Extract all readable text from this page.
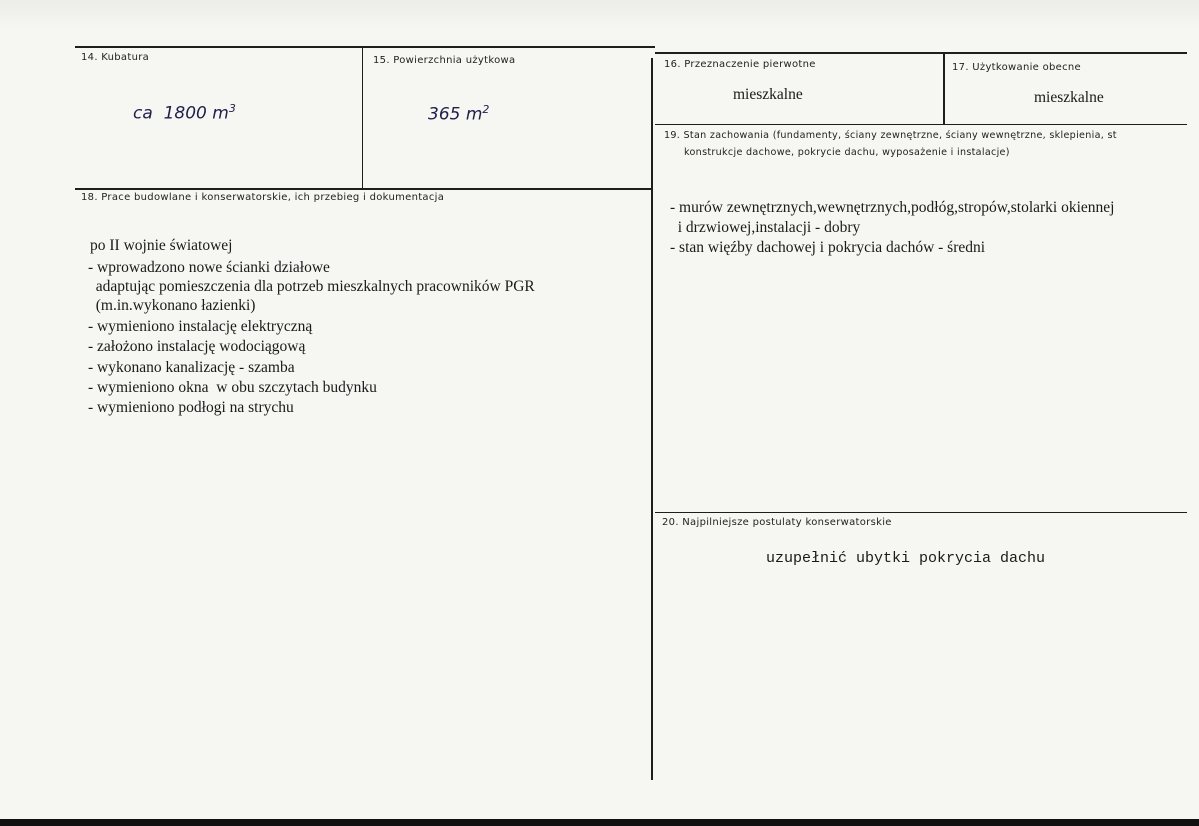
14. Kubatura
ca 1800 $m^3$
15. Powierzchnia użytkowa
365 $m^2$
16. Przeznaczenie pierwotne
mieszkalne
17. Użytkowanie obecne
mieszkalne
19. Stan zachowania (fundamenty, ściany zewnętrzne, ściany wewnętrzne, sklepienia, st
konstrukcje dachowe, pokrycie dachu, wyposażenie i instalacje)
- murów zewnętrznych,wewnętrznych,podłóg,stropów,stolarki okiennej
i drzwiowej,instalacji - dobry
- stan więźby dachowej i pokrycia dachów - średni
18. Prace budowlane i konserwatorskie, ich przebieg i dokumentacja
po II wojnie światowej
- wprowadzono nowe ścianki działowe
adaptując pomieszczenia dla potrzeb mieszkalnych pracowników PGR
(m.in.wykonano łazienki)
- wymieniono instalację elektryczną
- założono instalację wodociągową
- wykonano kanalizację - szamba
- wymieniono okna  w obu szczytach budynku
- wymieniono podłogi na strychu
20. Najpilniejsze postulaty konserwatorskie
uzupełnić ubytki pokrycia dachu
